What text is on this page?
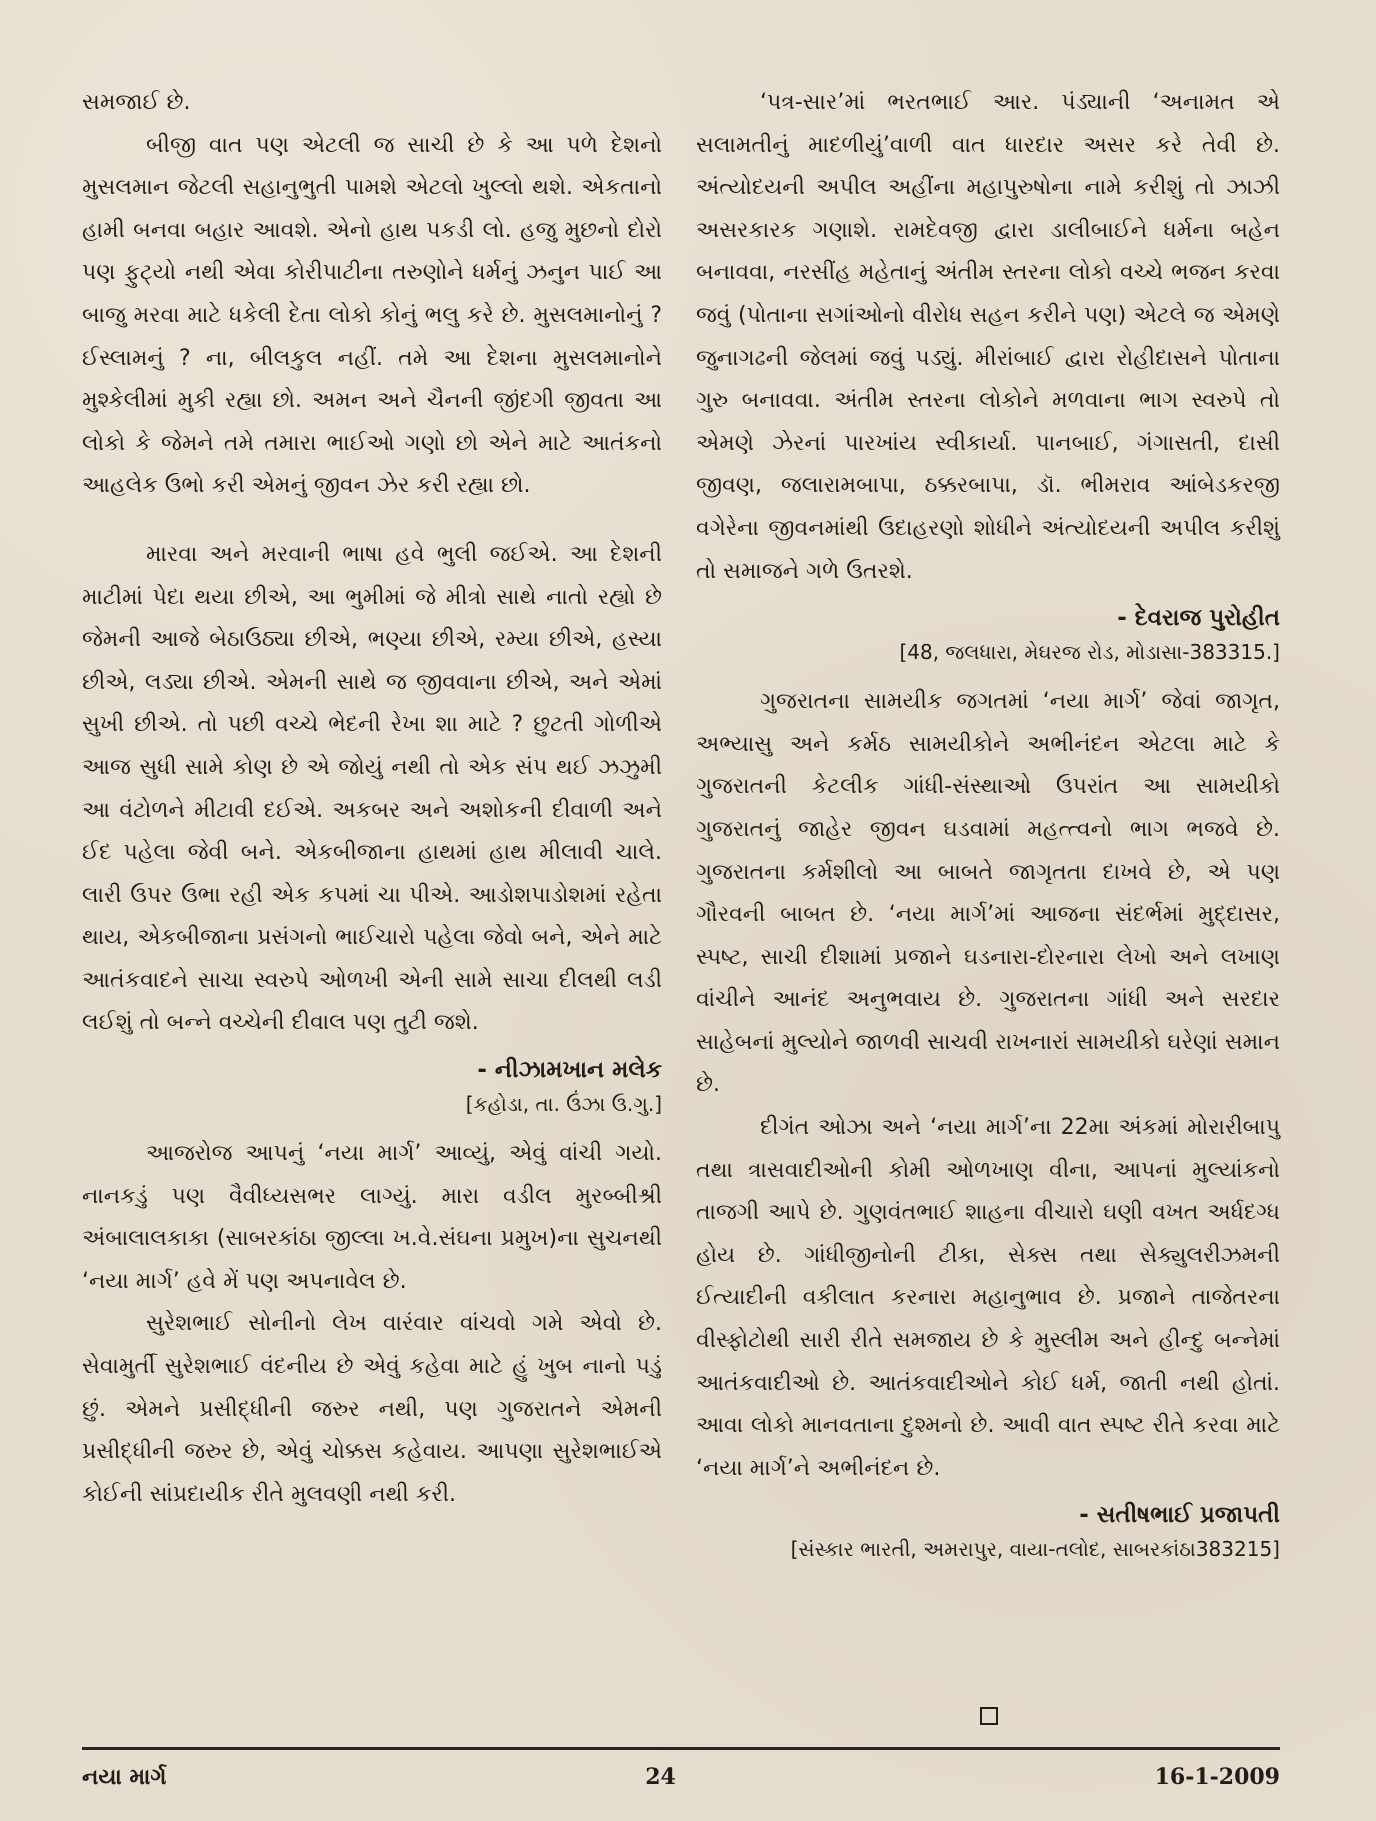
સમજાઈ છે.

બીજી વાત પણ એટલી જ સાચી છે કે આ પળે દેશનો મુસલમાન જેટલી સહાનુભુતી પામશે એટલો ખુલ્લો થશે. એકતાનો હામી બનવા બહાર આવશે. એનો હાથ પકડી લો. હજુ મુછનો દોરો પણ ફુટ્યો નથી એવા કોરીપાટીના તરુણોને ધર્મનું ઝનુન પાઈ આ બાજુ મરવા માટે ધકેલી દેતા લોકો કોનું ભલુ કરે છે. મુસલમાનોનું ? ઈસ્લામનું ? ના, બીલકુલ નહીં. તમે આ દેશના મુસલમાનોને મુશ્કેલીમાં મુકી રહ્યા છો. અમન અને ચૈનની જીંદગી જીવતા આ લોકો કે જેમને તમે તમારા ભાઈઓ ગણો છો એને માટે આતંકનો આહલેક ઉભો કરી એમનું જીવન ઝેર કરી રહ્યા છો.

મારવા અને મરવાની ભાષા હવે ભુલી જઈએ. આ દેશની માટીમાં પેદા થયા છીએ, આ ભુમીમાં જે મીત્રો સાથે નાતો રહ્યો છે જેમની આજે બેઠાઉઠ્યા છીએ, ભણ્યા છીએ, રમ્યા છીએ, હસ્યા છીએ, લડ્યા છીએ. એમની સાથે જ જીવવાના છીએ, અને એમાં સુખી છીએ. તો પછી વચ્ચે ભેદની રેખા શા માટે ? છુટતી ગોળીએ આજ સુધી સામે કોણ છે એ જોયું નથી તો એક સંપ થઈ ઝઝુમી આ વંટોળને મીટાવી દઈએ. અકબર અને અશોકની દીવાળી અને ઈદ પહેલા જેવી બને. એકબીજાના હાથમાં હાથ મીલાવી ચાલે. લારી ઉપર ઉભા રહી એક કપમાં ચા પીએ. આડોશપાડોશમાં રહેતા થાય, એકબીજાના પ્રસંગનો ભાઈચારો પહેલા જેવો બને, એને માટે આતંકવાદને સાચા સ્વરુપે ઓળખી એની સામે સાચા દીલથી લડી લઈશું તો બન્ને વચ્ચેની દીવાલ પણ તુટી જશે.

- નીઝામખાન મલેક
[કહોડા, તા. ઉંઝા ઉ.ગુ.]

આજરોજ આપનું ‘નયા માર્ગ’ આવ્યું, એવું વાંચી ગયો. નાનકડું પણ વૈવીધ્યસભર લાગ્યું. મારા વડીલ મુરબ્બીશ્રી અંબાલાલકાકા (સાબરકાંઠા જીલ્લા ખ.વે.સંઘના પ્રમુખ)ના સુચનથી ‘નયા માર્ગ’ હવે મેં પણ અપનાવેલ છે.

સુરેશભાઈ સોનીનો લેખ વારંવાર વાંચવો ગમે એવો છે. સેવામુર્તી સુરેશભાઈ વંદનીય છે એવું કહેવા માટે હું ખુબ નાનો પડું છું. એમને પ્રસીદ્ધીની જરુર નથી, પણ ગુજરાતને એમની પ્રસીદ્ધીની જરુર છે, એવું ચોક્કસ કહેવાય. આપણા સુરેશભાઈએ કોઈની સાંપ્રદાયીક રીતે મુલવણી નથી કરી.

‘પત્ર-સાર’માં ભરતભાઈ આર. પંડ્યાની ‘અનામત એ સલામતીનું માદળીયું’વાળી વાત ધારદાર અસર કરે તેવી છે. અંત્યોદયની અપીલ અહીંના મહાપુરુષોના નામે કરીશું તો ઝાઝી અસરકારક ગણાશે. રામદેવજી દ્વારા ડાલીબાઈને ધર્મના બહેન બનાવવા, નરસીંહ મહેતાનું અંતીમ સ્તરના લોકો વચ્ચે ભજન કરવા જવું (પોતાના સગાંઓનો વીરોધ સહન કરીને પણ) એટલે જ એમણે જુનાગઢની જેલમાં જવું પડ્યું. મીરાંબાઈ દ્વારા રોહીદાસને પોતાના ગુરુ બનાવવા. અંતીમ સ્તરના લોકોને મળવાના ભાગ સ્વરુપે તો એમણે ઝેરનાં પારખાંય સ્વીકાર્યા. પાનબાઈ, ગંગાસતી, દાસી જીવણ, જલારામબાપા, ઠક્કરબાપા, ડૉ. ભીમરાવ આંબેડકરજી વગેરેના જીવનમાંથી ઉદાહરણો શોધીને અંત્યોદયની અપીલ કરીશું તો સમાજને ગળે ઉતરશે.

- દેવરાજ પુરોહીત
[48, જલધારા, મેઘરજ રોડ, મોડાસા-383315.]

ગુજરાતના સામયીક જગતમાં ‘નયા માર્ગ’ જેવાં જાગૃત, અભ્યાસુ અને કર્મઠ સામયીકોને અભીનંદન એટલા માટે કે ગુજરાતની કેટલીક ગાંધી-સંસ્થાઓ ઉપરાંત આ સામયીકો ગુજરાતનું જાહેર જીવન ઘડવામાં મહત્ત્વનો ભાગ ભજવે છે. ગુજરાતના કર્મશીલો આ બાબતે જાગૃતતા દાખવે છે, એ પણ ગૌરવની બાબત છે. ‘નયા માર્ગ’માં આજના સંદર્ભમાં મુદ્દાસર, સ્પષ્ટ, સાચી દીશામાં પ્રજાને ઘડનારા-દોરનારા લેખો અને લખાણ વાંચીને આનંદ અનુભવાય છે. ગુજરાતના ગાંધી અને સરદાર સાહેબનાં મુલ્યોને જાળવી સાચવી રાખનારાં સામયીકો ઘરેણાં સમાન છે.

દીગંત ઓઝા અને ‘નયા માર્ગ’ના 22મા અંકમાં મોરારીબાપુ તથા ત્રાસવાદીઓની કોમી ઓળખાણ વીના, આપનાં મુલ્યાંકનો તાજગી આપે છે. ગુણવંતભાઈ શાહના વીચારો ઘણી વખત અર્ધદગ્ધ હોય છે. ગાંધીજીનોની ટીકા, સેક્સ તથા સેક્યુલરીઝમની ઈત્યાદીની વકીલાત કરનારા મહાનુભાવ છે. પ્રજાને તાજેતરના વીસ્ફોટોથી સારી રીતે સમજાય છે કે મુસ્લીમ અને હીન્દુ બન્નેમાં આતંકવાદીઓ છે. આતંકવાદીઓને કોઈ ધર્મ, જાતી નથી હોતાં. આવા લોકો માનવતાના દુશ્મનો છે. આવી વાત સ્પષ્ટ રીતે કરવા માટે ‘નયા માર્ગ’ને અભીનંદન છે.

- સતીષભાઈ પ્રજાપતી
[સંસ્કાર ભારતી, અમરાપુર, વાયા-તલોદ, સાબરકાંઠા383215]
નયા માર્ગ	24	16-1-2009
